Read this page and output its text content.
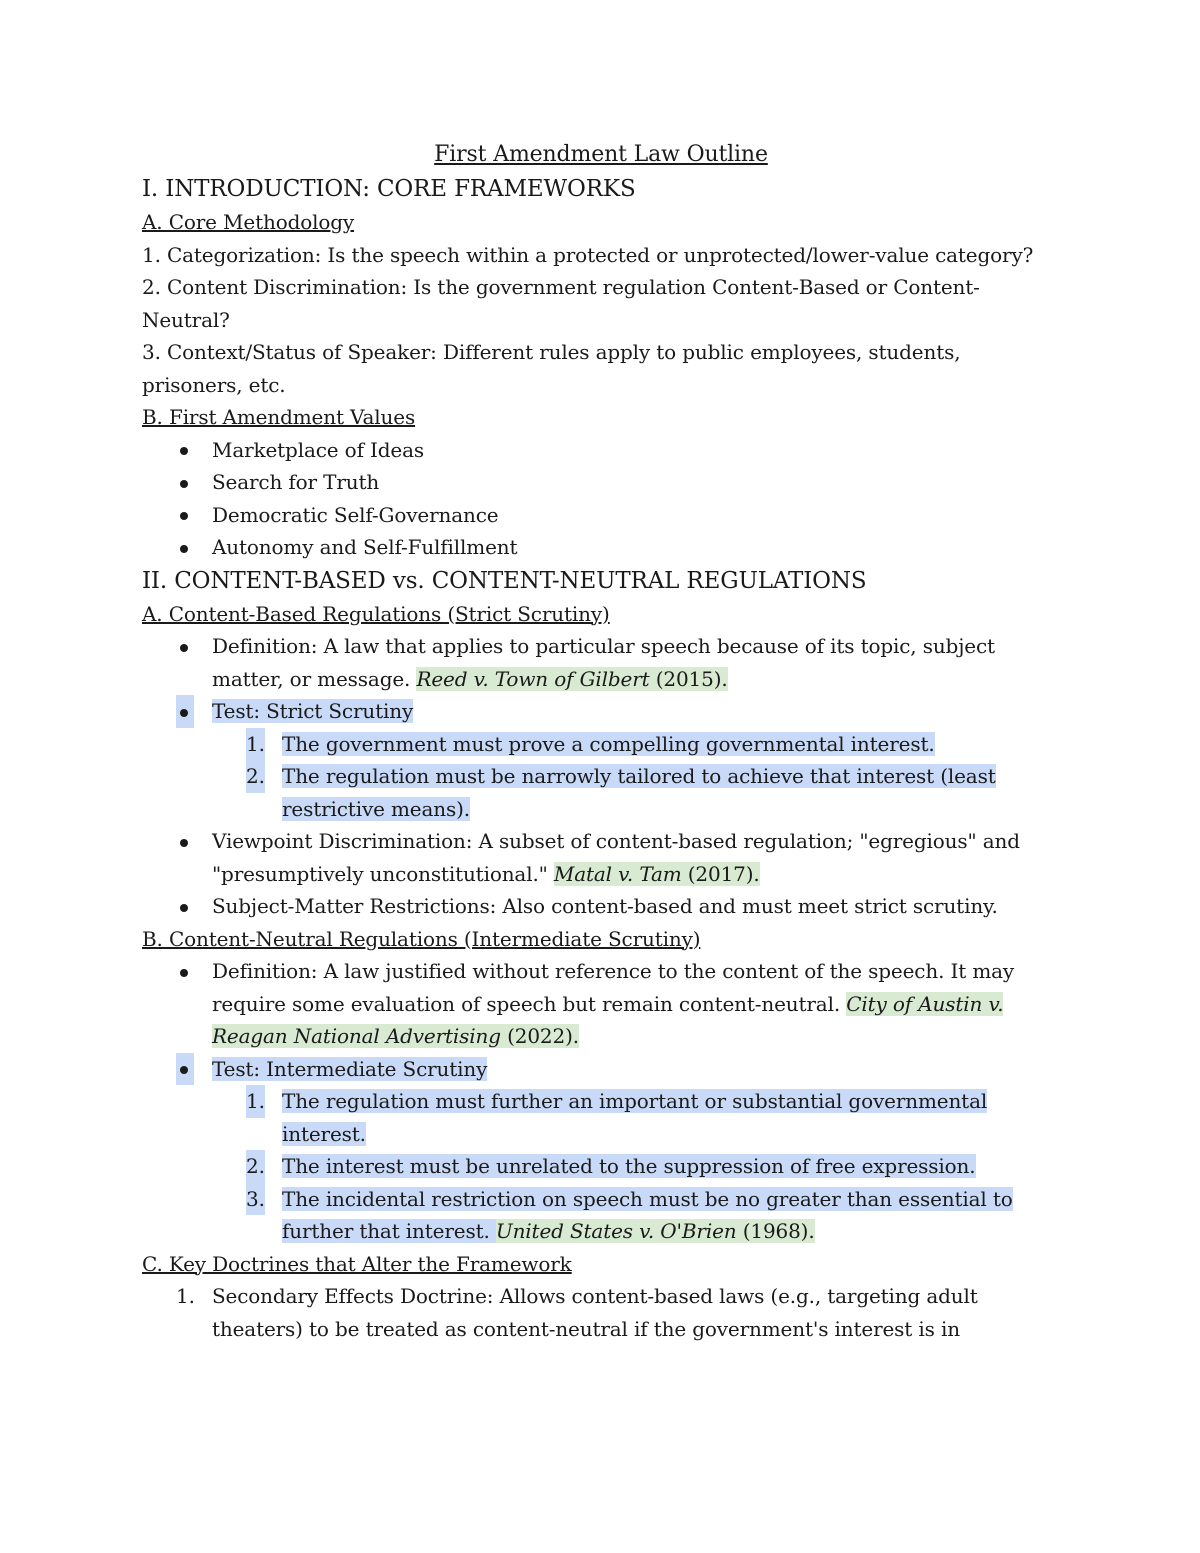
First Amendment Law Outline

I. INTRODUCTION: CORE FRAMEWORKS

A. Core Methodology

1. Categorization: Is the speech within a protected or unprotected/lower-value category?

2. Content Discrimination: Is the government regulation Content-Based or Content-Neutral?

3. Context/Status of Speaker: Different rules apply to public employees, students, prisoners, etc.

B. First Amendment Values

Marketplace of Ideas
Search for Truth
Democratic Self-Governance
Autonomy and Self-Fulfillment

II. CONTENT-BASED vs. CONTENT-NEUTRAL REGULATIONS

A. Content-Based Regulations (Strict Scrutiny)

Definition: A law that applies to particular speech because of its topic, subject matter, or message. Reed v. Town of Gilbert (2015).

Test: Strict Scrutiny
1. The government must prove a compelling governmental interest.
2. The regulation must be narrowly tailored to achieve that interest (least restrictive means).
Viewpoint Discrimination: A subset of content-based regulation; "egregious" and "presumptively unconstitutional." Matal v. Tam (2017).
Subject-Matter Restrictions: Also content-based and must meet strict scrutiny.

B. Content-Neutral Regulations (Intermediate Scrutiny)

Definition: A law justified without reference to the content of the speech. It may require some evaluation of speech but remain content-neutral. City of Austin v. Reagan National Advertising (2022).

Test: Intermediate Scrutiny
1. The regulation must further an important or substantial governmental interest.
2. The interest must be unrelated to the suppression of free expression.
3. The incidental restriction on speech must be no greater than essential to further that interest. United States v. O'Brien (1968).

C. Key Doctrines that Alter the Framework

1. Secondary Effects Doctrine: Allows content-based laws (e.g., targeting adult theaters) to be treated as content-neutral if the government's interest is in
